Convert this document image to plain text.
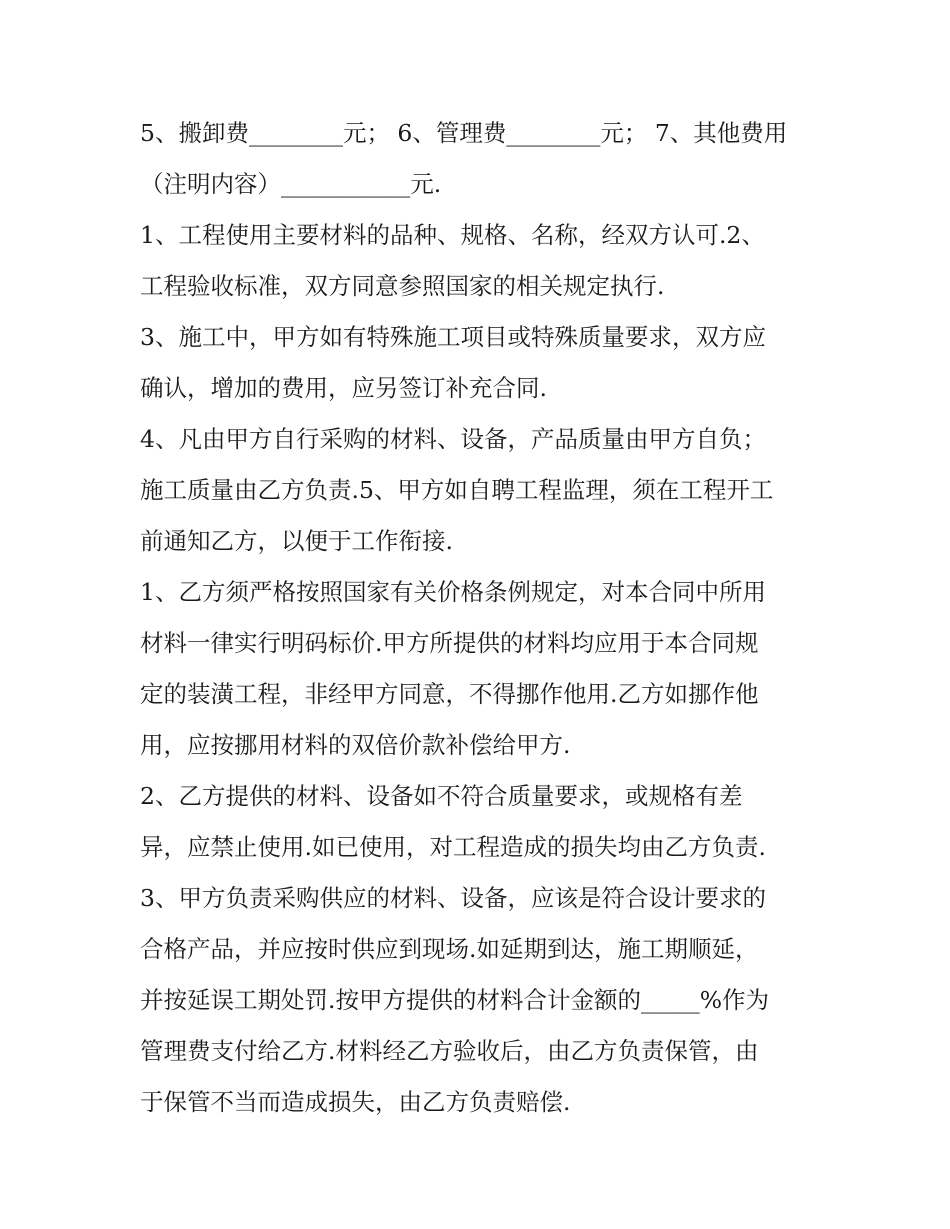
5、搬卸费________元； 6、管理费________元； 7、其他费用
（注明内容）___________元.
1、工程使用主要材料的品种、规格、名称，经双方认可.2、
工程验收标准，双方同意参照国家的相关规定执行.
3、施工中，甲方如有特殊施工项目或特殊质量要求，双方应
确认，增加的费用，应另签订补充合同.
4、凡由甲方自行采购的材料、设备，产品质量由甲方自负；
施工质量由乙方负责.5、甲方如自聘工程监理，须在工程开工
前通知乙方，以便于工作衔接.
1、乙方须严格按照国家有关价格条例规定，对本合同中所用
材料一律实行明码标价.甲方所提供的材料均应用于本合同规
定的装潢工程，非经甲方同意，不得挪作他用.乙方如挪作他
用，应按挪用材料的双倍价款补偿给甲方.
2、乙方提供的材料、设备如不符合质量要求，或规格有差
异，应禁止使用.如已使用，对工程造成的损失均由乙方负责.
3、甲方负责采购供应的材料、设备，应该是符合设计要求的
合格产品，并应按时供应到现场.如延期到达，施工期顺延，
并按延误工期处罚.按甲方提供的材料合计金额的_____%作为
管理费支付给乙方.材料经乙方验收后，由乙方负责保管，由
于保管不当而造成损失，由乙方负责赔偿.
